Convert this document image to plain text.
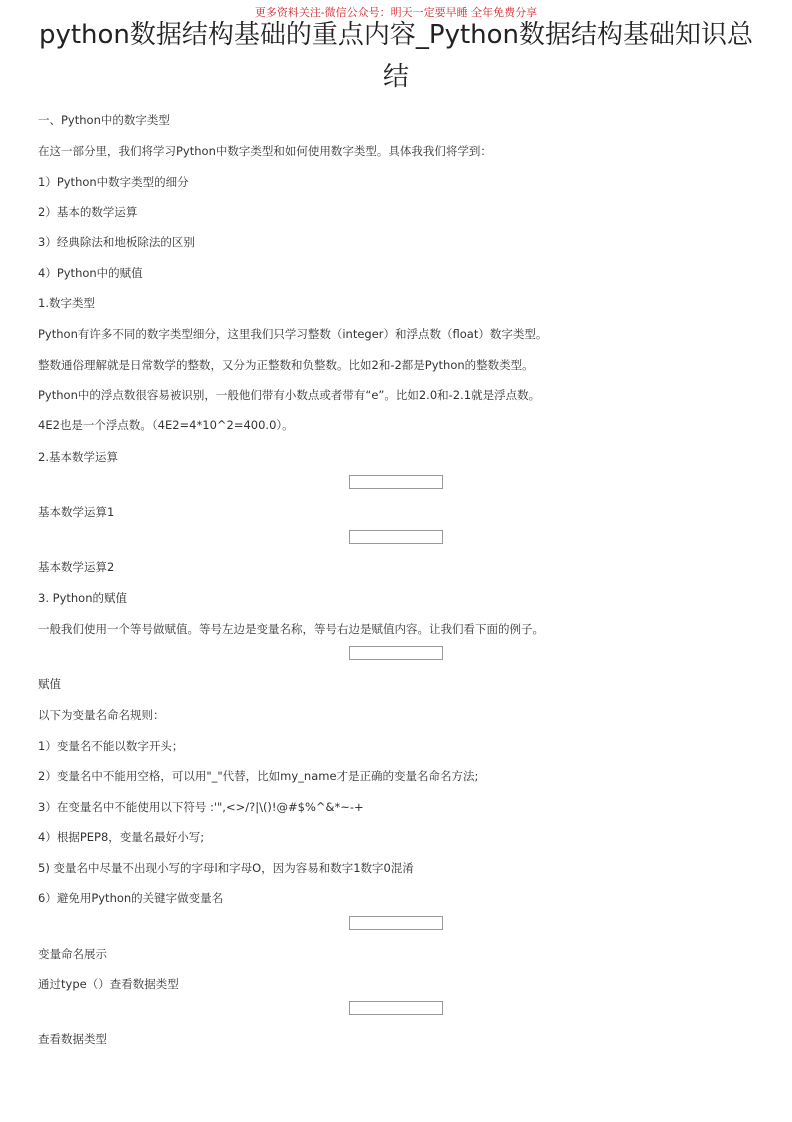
更多资料关注-微信公众号：明天一定要早睡 全年免费分享
python数据结构基础的重点内容_Python数据结构基础知识总结
一、Python中的数字类型
在这一部分里，我们将学习Python中数字类型和如何使用数字类型。具体我我们将学到：
1）Python中数字类型的细分
2）基本的数学运算
3）经典除法和地板除法的区别
4）Python中的赋值
1.数字类型
Python有许多不同的数字类型细分，这里我们只学习整数（integer）和浮点数（float）数字类型。
整数通俗理解就是日常数学的整数，又分为正整数和负整数。比如2和-2都是Python的整数类型。
Python中的浮点数很容易被识别，一般他们带有小数点或者带有“e”。比如2.0和-2.1就是浮点数。
4E2也是一个浮点数。（4E2=4*10^2=400.0）。
2.基本数学运算
基本数学运算1
基本数学运算2
3. Python的赋值
一般我们使用一个等号做赋值。等号左边是变量名称，等号右边是赋值内容。让我们看下面的例子。
赋值
以下为变量名命名规则：
1）变量名不能以数字开头；
2）变量名中不能用空格，可以用"_"代替，比如my_name才是正确的变量名命名方法;
3）在变量名中不能使用以下符号 :'",<>/?|\()!@#$%^&*~-+
4）根据PEP8，变量名最好小写;
5) 变量名中尽量不出现小写的字母l和字母O，因为容易和数字1数字0混淆
6）避免用Python的关键字做变量名
变量命名展示
通过type（）查看数据类型
查看数据类型
